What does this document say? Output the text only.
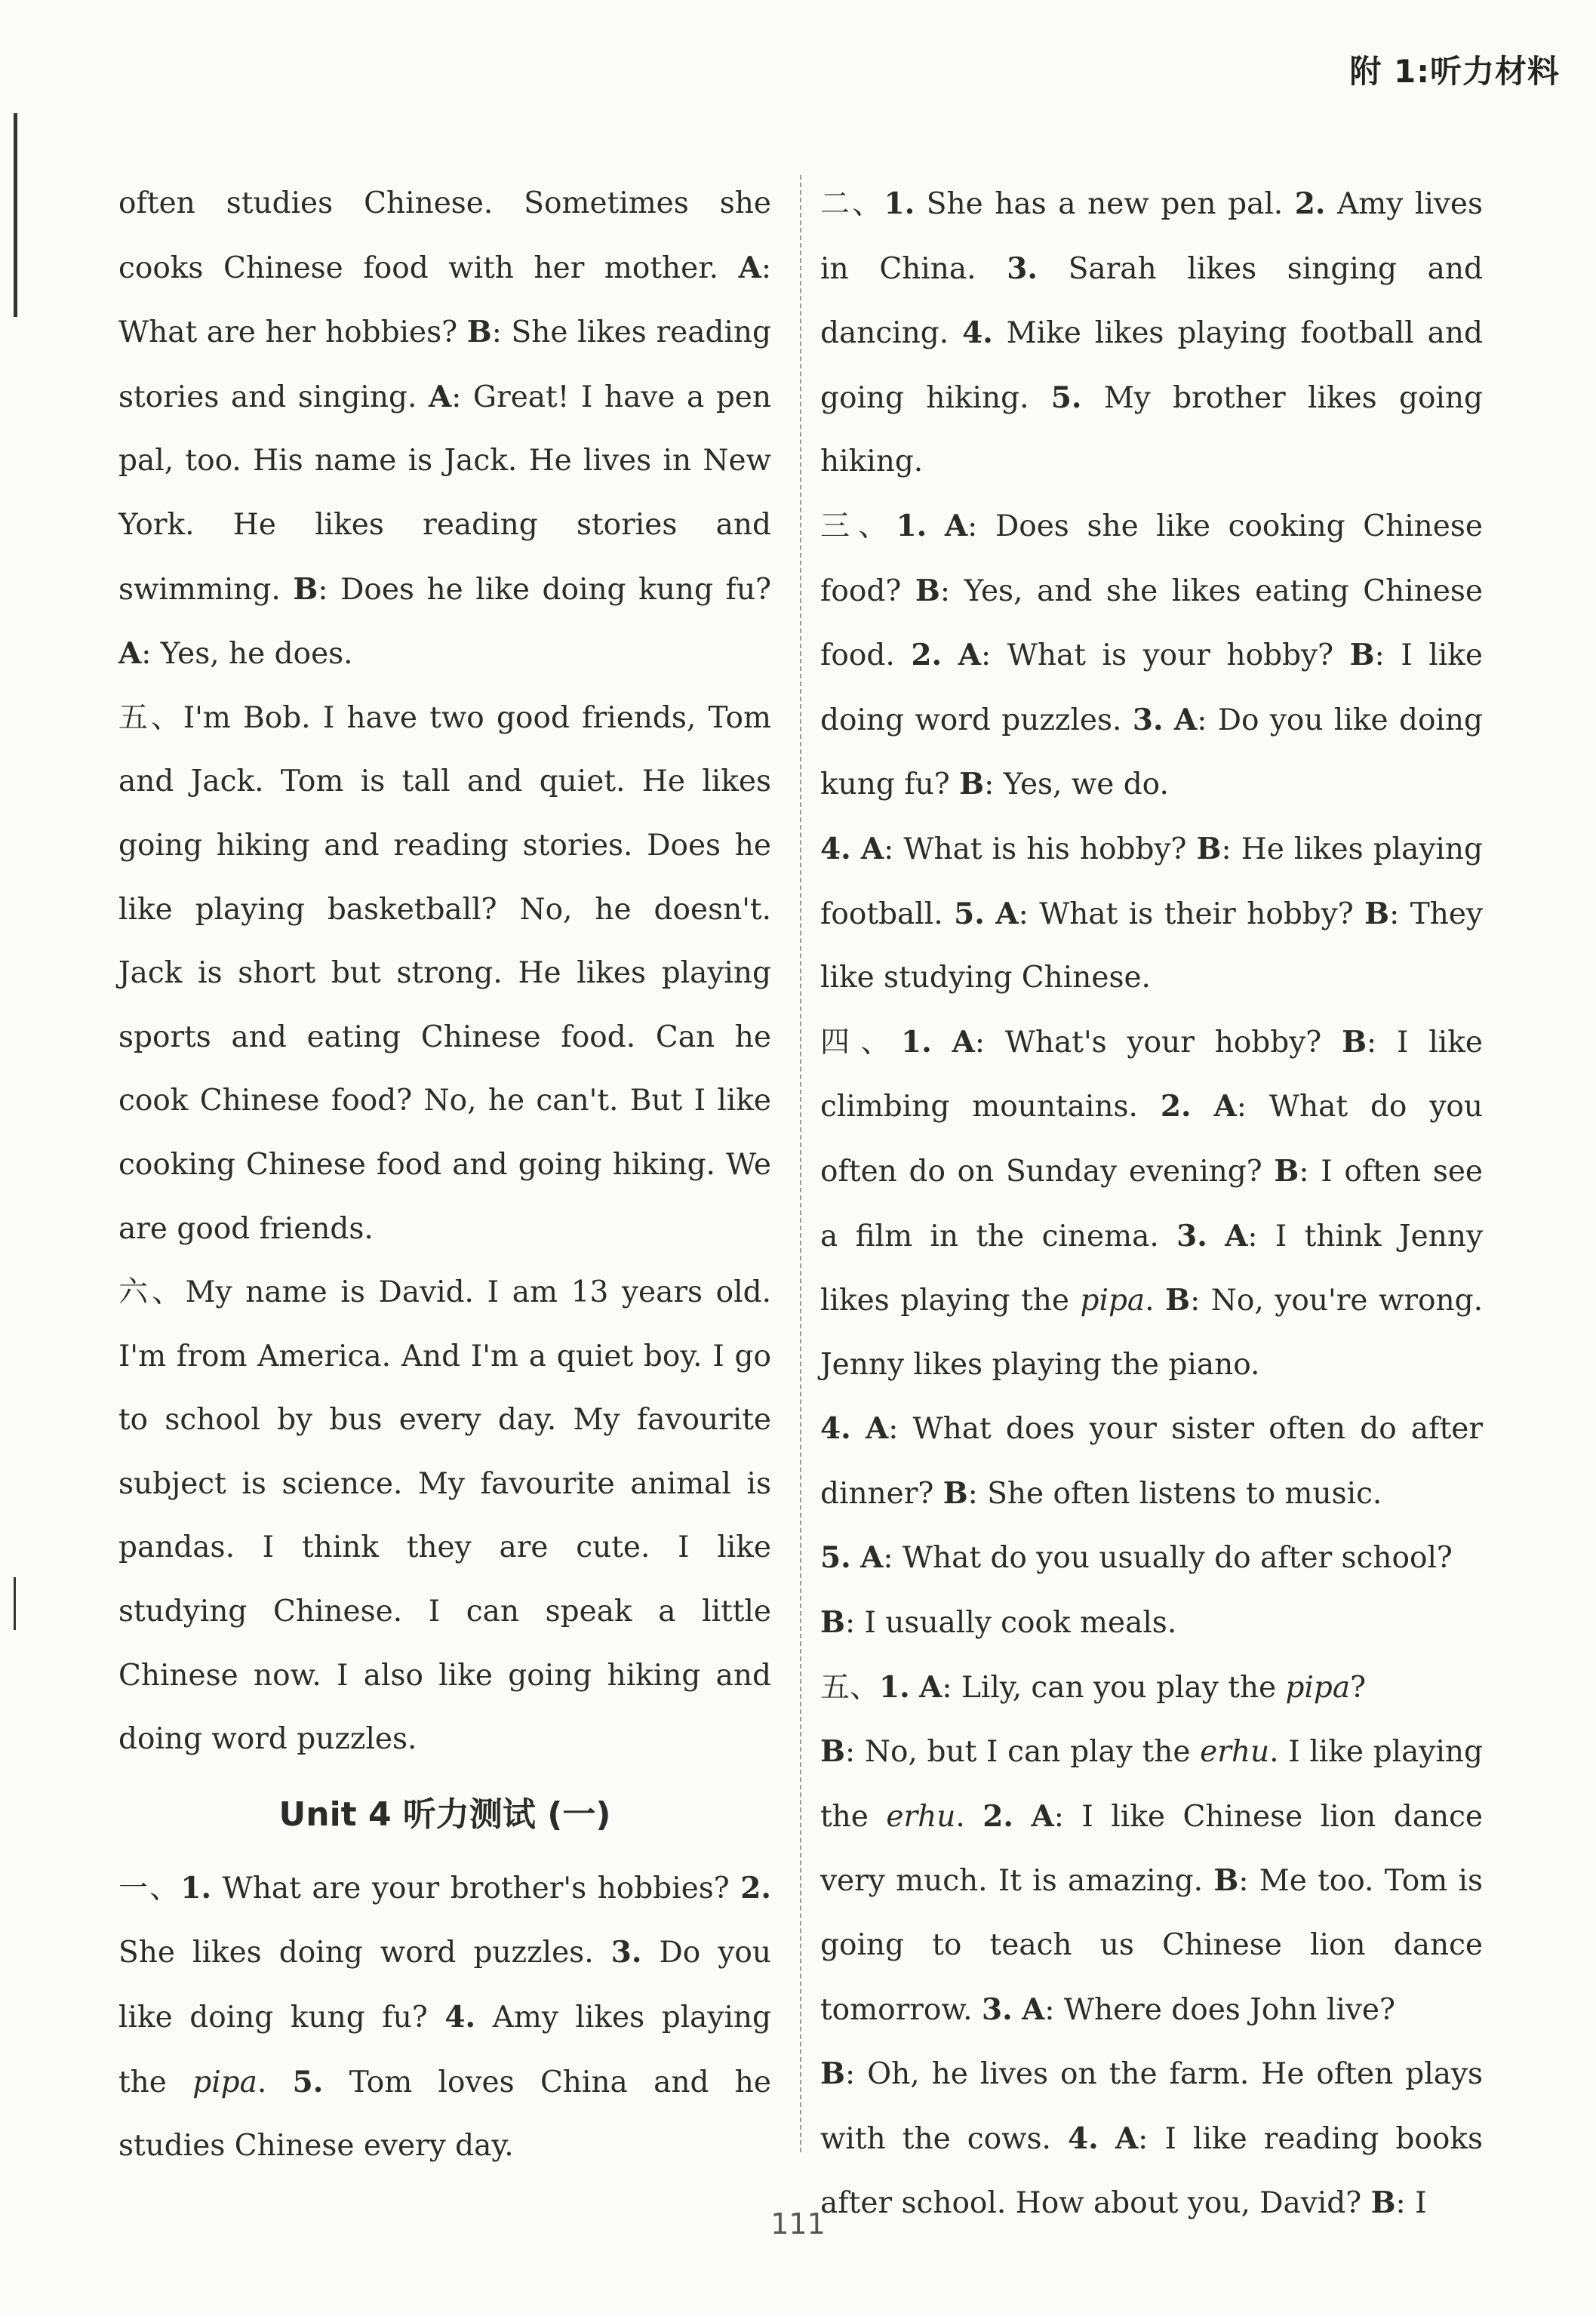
附 1:听力材料

often studies Chinese. Sometimes she cooks Chinese food with her mother. A: What are her hobbies? B: She likes reading stories and singing. A: Great! I have a pen pal, too. His name is Jack. He lives in New York. He likes reading stories and swimming. B: Does he like doing kung fu? A: Yes, he does.

五、I'm Bob. I have two good friends, Tom and Jack. Tom is tall and quiet. He likes going hiking and reading stories. Does he like playing basketball? No, he doesn't. Jack is short but strong. He likes playing sports and eating Chinese food. Can he cook Chinese food? No, he can't. But I like cooking Chinese food and going hiking. We are good friends.

六、My name is David. I am 13 years old. I'm from America. And I'm a quiet boy. I go to school by bus every day. My favourite subject is science. My favourite animal is pandas. I think they are cute. I like studying Chinese. I can speak a little Chinese now. I also like going hiking and doing word puzzles.

Unit 4 听力测试 (一)

一、1. What are your brother's hobbies? 2. She likes doing word puzzles. 3. Do you like doing kung fu? 4. Amy likes playing the pipa. 5. Tom loves China and he studies Chinese every day.

二、1. She has a new pen pal. 2. Amy lives in China. 3. Sarah likes singing and dancing. 4. Mike likes playing football and going hiking. 5. My brother likes going hiking.

三、1. A: Does she like cooking Chinese food? B: Yes, and she likes eating Chinese food. 2. A: What is your hobby? B: I like doing word puzzles. 3. A: Do you like doing kung fu? B: Yes, we do.

4. A: What is his hobby? B: He likes playing football. 5. A: What is their hobby? B: They like studying Chinese.

四、1. A: What's your hobby? B: I like climbing mountains. 2. A: What do you often do on Sunday evening? B: I often see a film in the cinema. 3. A: I think Jenny likes playing the pipa. B: No, you're wrong. Jenny likes playing the piano.

4. A: What does your sister often do after dinner? B: She often listens to music.

5. A: What do you usually do after school?

B: I usually cook meals.

五、1. A: Lily, can you play the pipa?

B: No, but I can play the erhu. I like playing the erhu. 2. A: I like Chinese lion dance very much. It is amazing. B: Me too. Tom is going to teach us Chinese lion dance tomorrow. 3. A: Where does John live?

B: Oh, he lives on the farm. He often plays with the cows. 4. A: I like reading books after school. How about you, David? B: I

111
